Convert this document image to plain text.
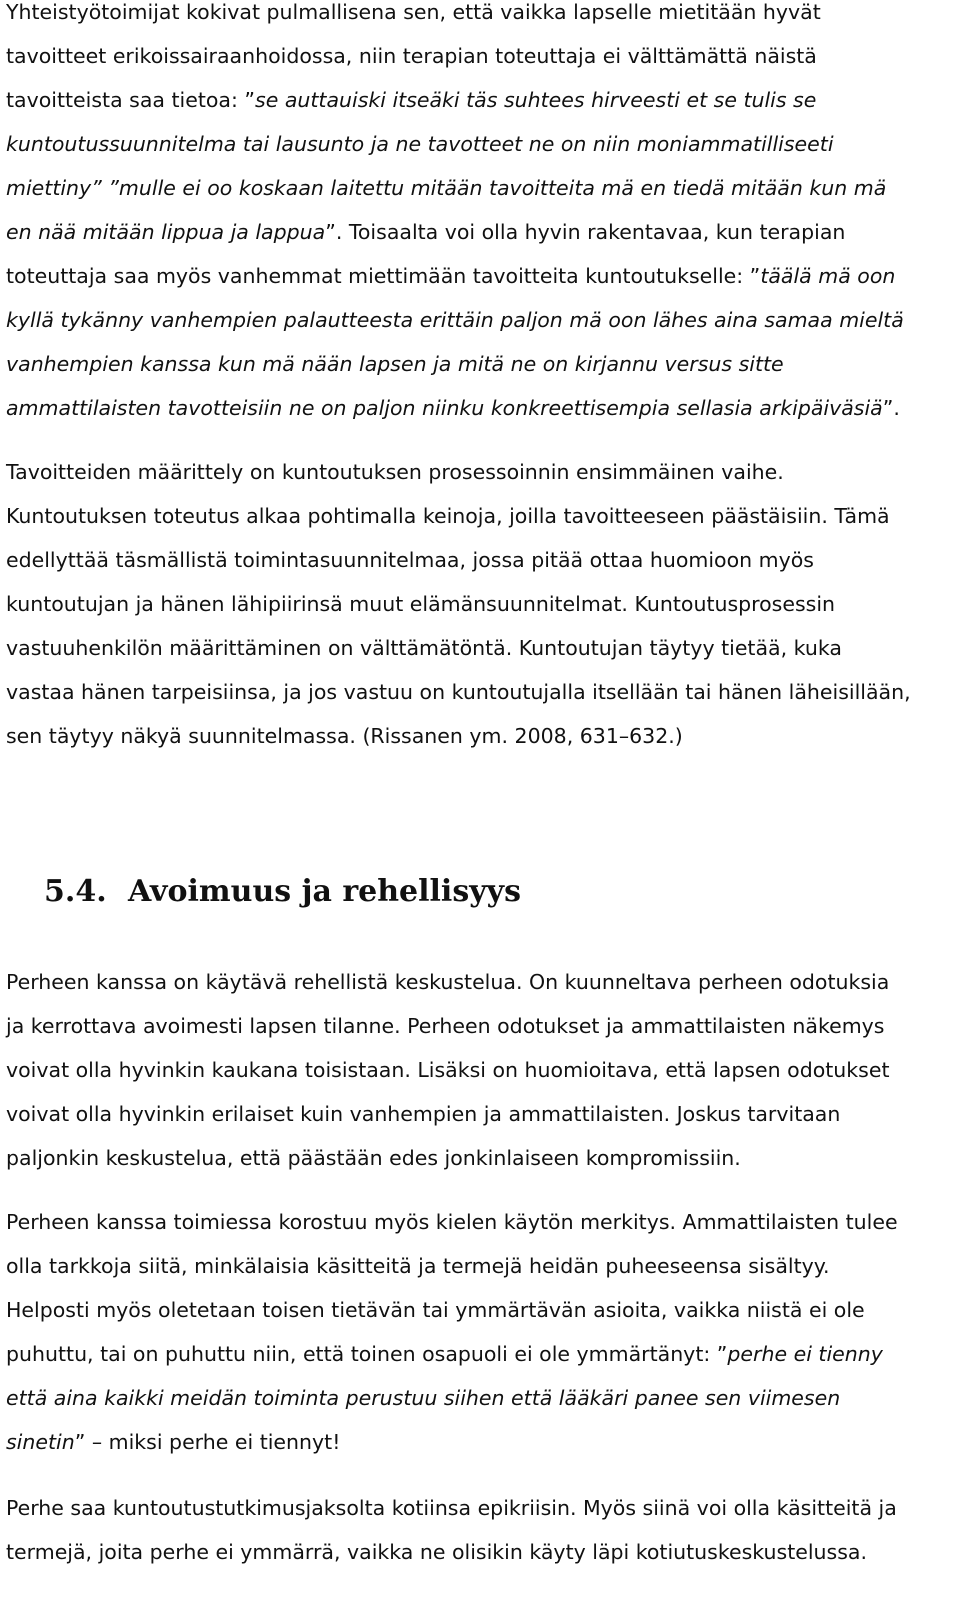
Yhteistyötoimijat kokivat pulmallisena sen, että vaikka lapselle mietitään hyvät
tavoitteet erikoissairaanhoidossa, niin terapian toteuttaja ei välttämättä näistä
tavoitteista saa tietoa: ”se auttauiski itseäki täs suhtees hirveesti et se tulis se
kuntoutussuunnitelma tai lausunto ja ne tavotteet ne on niin moniammatilliseeti
miettiny” ”mulle ei oo koskaan laitettu mitään tavoitteita mä en tiedä mitään kun mä
en nää mitään lippua ja lappua”. Toisaalta voi olla hyvin rakentavaa, kun terapian
toteuttaja saa myös vanhemmat miettimään tavoitteita kuntoutukselle: ”täälä mä oon
kyllä tykänny vanhempien palautteesta erittäin paljon mä oon lähes aina samaa mieltä
vanhempien kanssa kun mä nään lapsen ja mitä ne on kirjannu versus sitte
ammattilaisten tavotteisiin ne on paljon niinku konkreettisempia sellasia arkipäiväsiä”.

Tavoitteiden määrittely on kuntoutuksen prosessoinnin ensimmäinen vaihe.
Kuntoutuksen toteutus alkaa pohtimalla keinoja, joilla tavoitteeseen päästäisiin. Tämä
edellyttää täsmällistä toimintasuunnitelmaa, jossa pitää ottaa huomioon myös
kuntoutujan ja hänen lähipiirinsä muut elämänsuunnitelmat. Kuntoutusprosessin
vastuuhenkilön määrittäminen on välttämätöntä. Kuntoutujan täytyy tietää, kuka
vastaa hänen tarpeisiinsa, ja jos vastuu on kuntoutujalla itsellään tai hänen läheisillään,
sen täytyy näkyä suunnitelmassa. (Rissanen ym. 2008, 631–632.)

5.4. Avoimuus ja rehellisyys

Perheen kanssa on käytävä rehellistä keskustelua. On kuunneltava perheen odotuksia
ja kerrottava avoimesti lapsen tilanne. Perheen odotukset ja ammattilaisten näkemys
voivat olla hyvinkin kaukana toisistaan. Lisäksi on huomioitava, että lapsen odotukset
voivat olla hyvinkin erilaiset kuin vanhempien ja ammattilaisten. Joskus tarvitaan
paljonkin keskustelua, että päästään edes jonkinlaiseen kompromissiin.

Perheen kanssa toimiessa korostuu myös kielen käytön merkitys. Ammattilaisten tulee
olla tarkkoja siitä, minkälaisia käsitteitä ja termejä heidän puheeseensa sisältyy.
Helposti myös oletetaan toisen tietävän tai ymmärtävän asioita, vaikka niistä ei ole
puhuttu, tai on puhuttu niin, että toinen osapuoli ei ole ymmärtänyt: ”perhe ei tienny
että aina kaikki meidän toiminta perustuu siihen että lääkäri panee sen viimesen
sinetin” – miksi perhe ei tiennyt!

Perhe saa kuntoutustutkimusjaksolta kotiinsa epikriisin. Myös siinä voi olla käsitteitä ja
termejä, joita perhe ei ymmärrä, vaikka ne olisikin käyty läpi kotiutuskeskustelussa.
